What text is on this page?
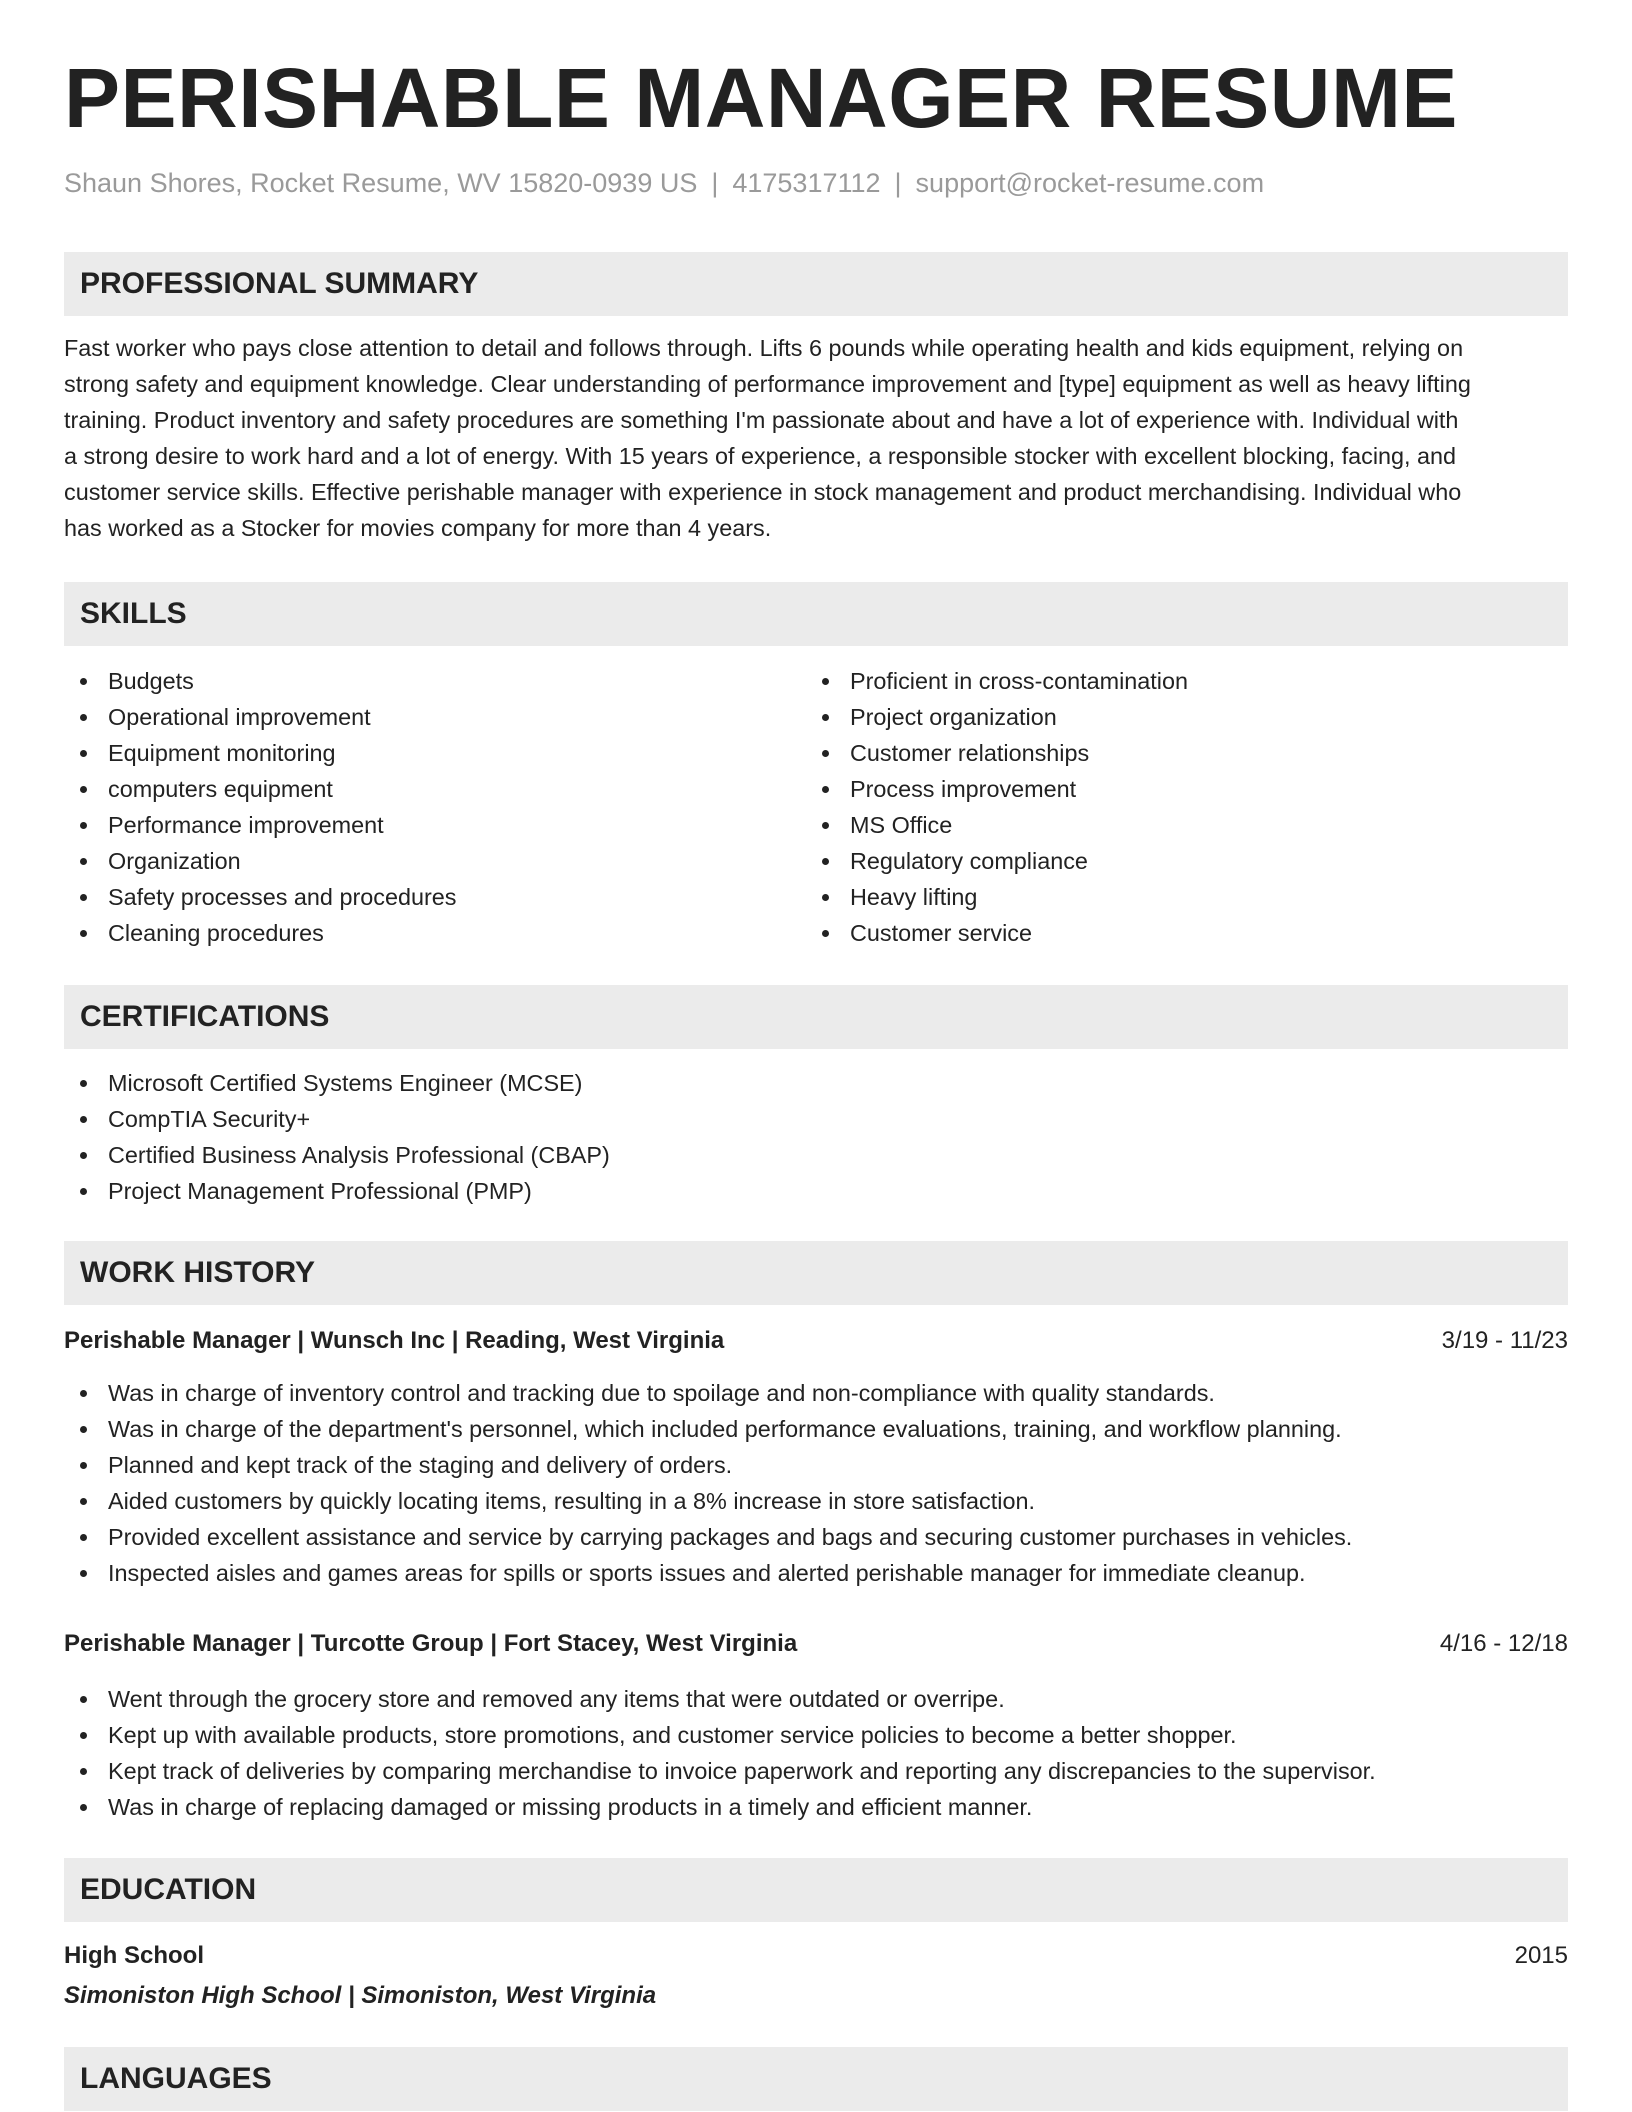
PERISHABLE MANAGER RESUME
Shaun Shores, Rocket Resume, WV 15820-0939 US | 4175317112 | support@rocket-resume.com
PROFESSIONAL SUMMARY
Fast worker who pays close attention to detail and follows through. Lifts 6 pounds while operating health and kids equipment, relying on
strong safety and equipment knowledge. Clear understanding of performance improvement and [type] equipment as well as heavy lifting
training. Product inventory and safety procedures are something I'm passionate about and have a lot of experience with. Individual with
a strong desire to work hard and a lot of energy. With 15 years of experience, a responsible stocker with excellent blocking, facing, and
customer service skills. Effective perishable manager with experience in stock management and product merchandising. Individual who
has worked as a Stocker for movies company for more than 4 years.
SKILLS
Budgets
Operational improvement
Equipment monitoring
computers equipment
Performance improvement
Organization
Safety processes and procedures
Cleaning procedures
Proficient in cross-contamination
Project organization
Customer relationships
Process improvement
MS Office
Regulatory compliance
Heavy lifting
Customer service
CERTIFICATIONS
Microsoft Certified Systems Engineer (MCSE)
CompTIA Security+
Certified Business Analysis Professional (CBAP)
Project Management Professional (PMP)
WORK HISTORY
Perishable Manager | Wunsch Inc | Reading, West Virginia	3/19 - 11/23
Was in charge of inventory control and tracking due to spoilage and non-compliance with quality standards.
Was in charge of the department's personnel, which included performance evaluations, training, and workflow planning.
Planned and kept track of the staging and delivery of orders.
Aided customers by quickly locating items, resulting in a 8% increase in store satisfaction.
Provided excellent assistance and service by carrying packages and bags and securing customer purchases in vehicles.
Inspected aisles and games areas for spills or sports issues and alerted perishable manager for immediate cleanup.
Perishable Manager | Turcotte Group | Fort Stacey, West Virginia	4/16 - 12/18
Went through the grocery store and removed any items that were outdated or overripe.
Kept up with available products, store promotions, and customer service policies to become a better shopper.
Kept track of deliveries by comparing merchandise to invoice paperwork and reporting any discrepancies to the supervisor.
Was in charge of replacing damaged or missing products in a timely and efficient manner.
EDUCATION
High School	2015
Simoniston High School | Simoniston, West Virginia
LANGUAGES
